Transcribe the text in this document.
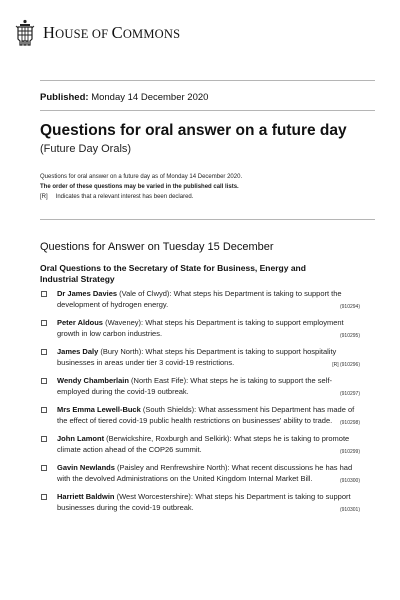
HOUSE OF COMMONS
Published: Monday 14 December 2020
Questions for oral answer on a future day
(Future Day Orals)
Questions for oral answer on a future day as of Monday 14 December 2020.
The order of these questions may be varied in the published call lists.
[R] Indicates that a relevant interest has been declared.
Questions for Answer on Tuesday 15 December
Oral Questions to the Secretary of State for Business, Energy and Industrial Strategy
Dr James Davies (Vale of Clwyd): What steps his Department is taking to support the development of hydrogen energy.	(910294)
Peter Aldous (Waveney): What steps his Department is taking to support employment growth in low carbon industries.	(910295)
James Daly (Bury North): What steps his Department is taking to support hospitality businesses in areas under tier 3 covid-19 restrictions.	[R] (910296)
Wendy Chamberlain (North East Fife): What steps he is taking to support the self-employed during the covid-19 outbreak.	(910297)
Mrs Emma Lewell-Buck (South Shields): What assessment his Department has made of the effect of tiered covid-19 public health restrictions on businesses' ability to trade. (910298)
John Lamont (Berwickshire, Roxburgh and Selkirk): What steps he is taking to promote climate action ahead of the COP26 summit.	(910299)
Gavin Newlands (Paisley and Renfrewshire North): What recent discussions he has had with the devolved Administrations on the United Kingdom Internal Market Bill.	(910300)
Harriett Baldwin (West Worcestershire): What steps his Department is taking to support businesses during the covid-19 outbreak.	(910301)
